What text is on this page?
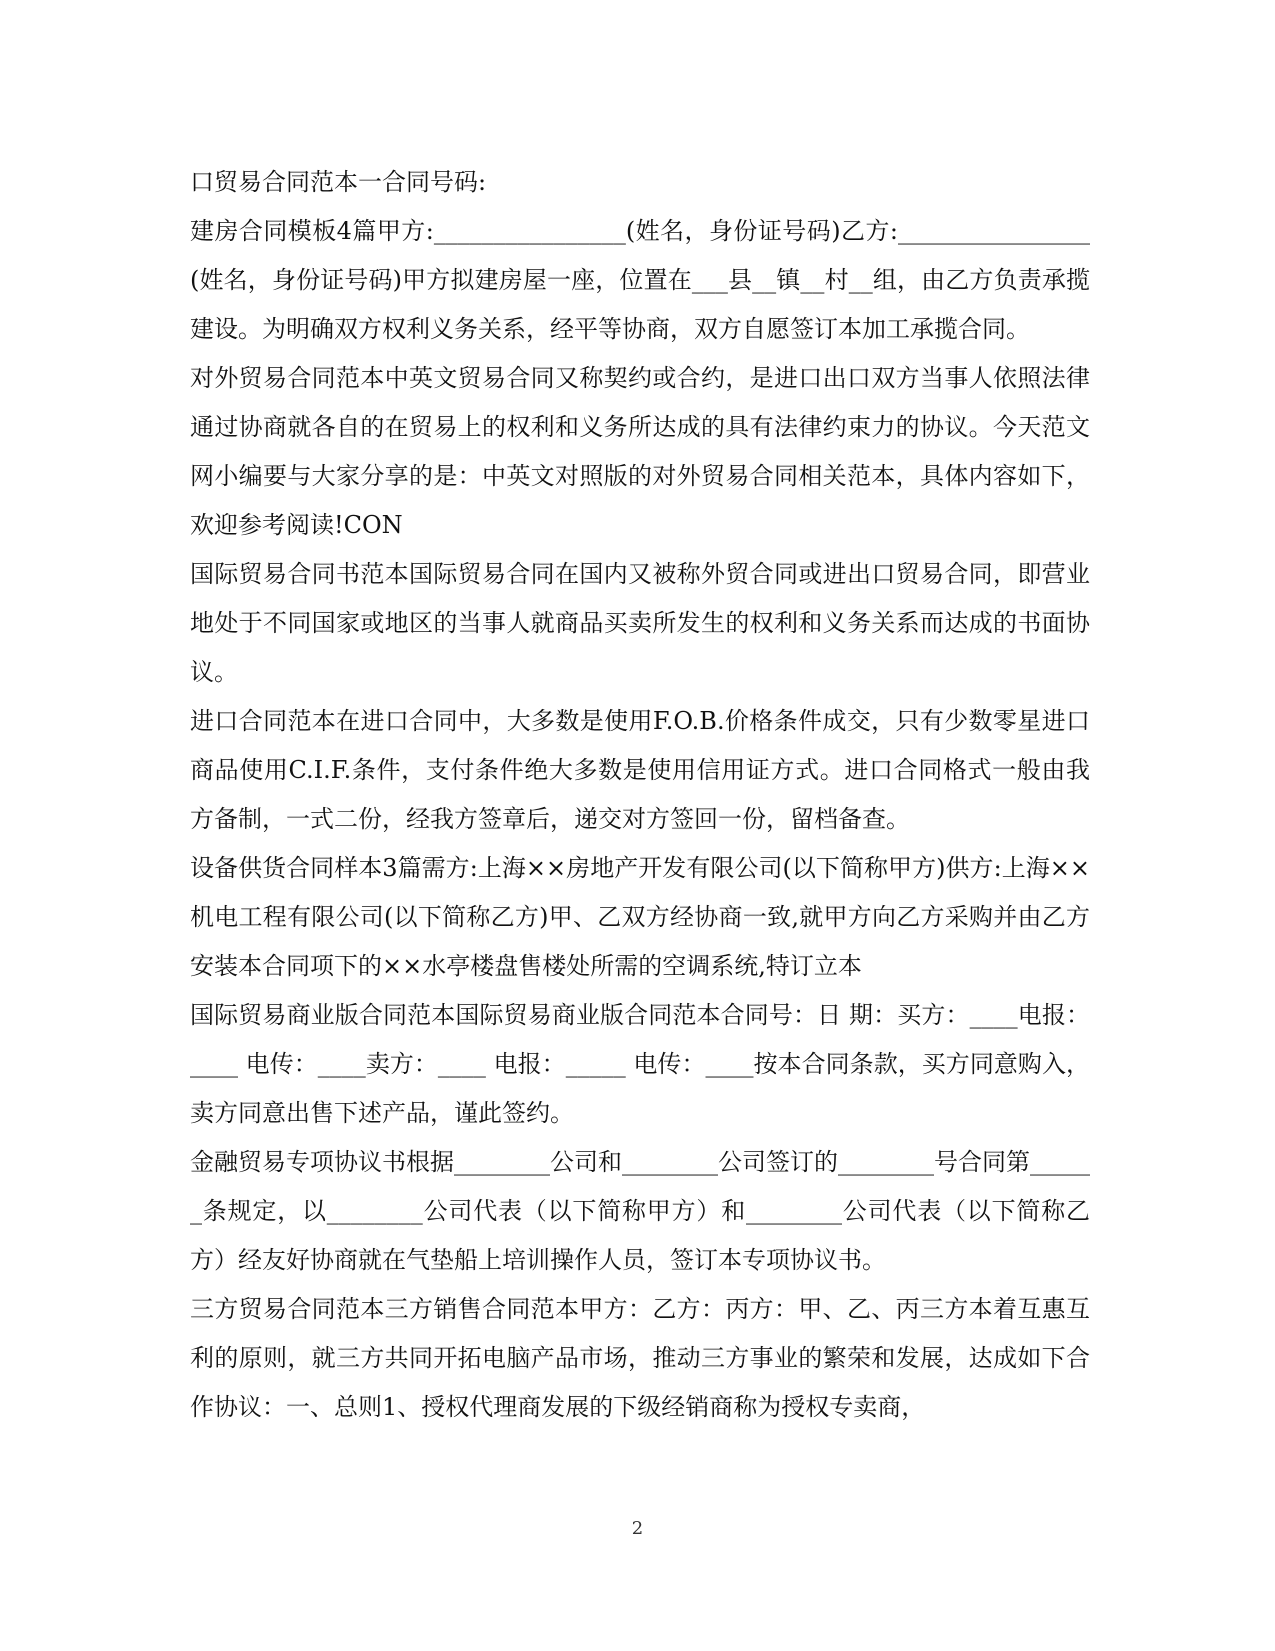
口贸易合同范本一合同号码:

建房合同模板4篇甲方:________________(姓名，身份证号码)乙方:________________(姓名，身份证号码)甲方拟建房屋一座，位置在___县__镇__村__组，由乙方负责承揽建设。为明确双方权利义务关系，经平等协商，双方自愿签订本加工承揽合同。

对外贸易合同范本中英文贸易合同又称契约或合约，是进口出口双方当事人依照法律通过协商就各自的在贸易上的权利和义务所达成的具有法律约束力的协议。今天范文网小编要与大家分享的是：中英文对照版的对外贸易合同相关范本，具体内容如下，欢迎参考阅读!CON

国际贸易合同书范本国际贸易合同在国内又被称外贸合同或进出口贸易合同，即营业地处于不同国家或地区的当事人就商品买卖所发生的权利和义务关系而达成的书面协议。

进口合同范本在进口合同中，大多数是使用F.O.B.价格条件成交，只有少数零星进口商品使用C.I.F.条件，支付条件绝大多数是使用信用证方式。进口合同格式一般由我方备制，一式二份，经我方签章后，递交对方签回一份，留档备查。

设备供货合同样本3篇需方:上海××房地产开发有限公司(以下简称甲方)供方:上海××机电工程有限公司(以下简称乙方)甲、乙双方经协商一致,就甲方向乙方采购并由乙方安装本合同项下的××水亭楼盘售楼处所需的空调系统,特订立本

国际贸易商业版合同范本国际贸易商业版合同范本合同号：日 期：买方：____电报：____ 电传：____卖方：____ 电报：_____ 电传：____按本合同条款，买方同意购入，卖方同意出售下述产品，谨此签约。

金融贸易专项协议书根据________公司和________公司签订的________号合同第______条规定，以________公司代表（以下简称甲方）和________公司代表（以下简称乙方）经友好协商就在气垫船上培训操作人员，签订本专项协议书。

三方贸易合同范本三方销售合同范本甲方：乙方：丙方：甲、乙、丙三方本着互惠互利的原则，就三方共同开拓电脑产品市场，推动三方事业的繁荣和发展，达成如下合作协议：一、总则1、授权代理商发展的下级经销商称为授权专卖商，

2
